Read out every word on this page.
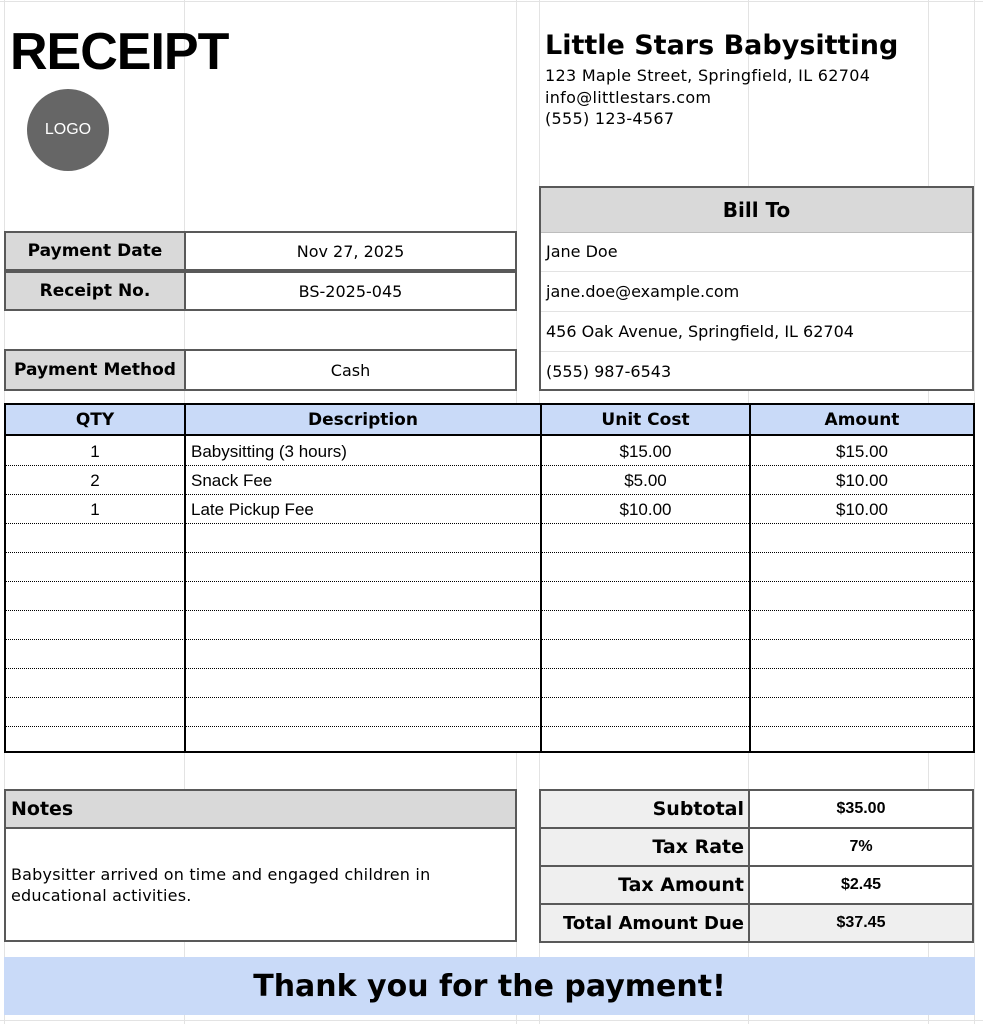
RECEIPT
LOGO
Little Stars Babysitting
123 Maple Street, Springfield, IL 62704
info@littlestars.com
(555) 123-4567
Payment Date	Nov 27, 2025
Receipt No.	BS-2025-045
Payment Method	Cash
Bill To
Jane Doe
jane.doe@example.com
456 Oak Avenue, Springfield, IL 62704
(555) 987-6543
QTY	Description	Unit Cost	Amount
1	Babysitting (3 hours)	$15.00	$15.00
2	Snack Fee	$5.00	$10.00
1	Late Pickup Fee	$10.00	$10.00
Notes
Babysitter arrived on time and engaged children in educational activities.
Subtotal	$35.00
Tax Rate	7%
Tax Amount	$2.45
Total Amount Due	$37.45
Thank you for the payment!
